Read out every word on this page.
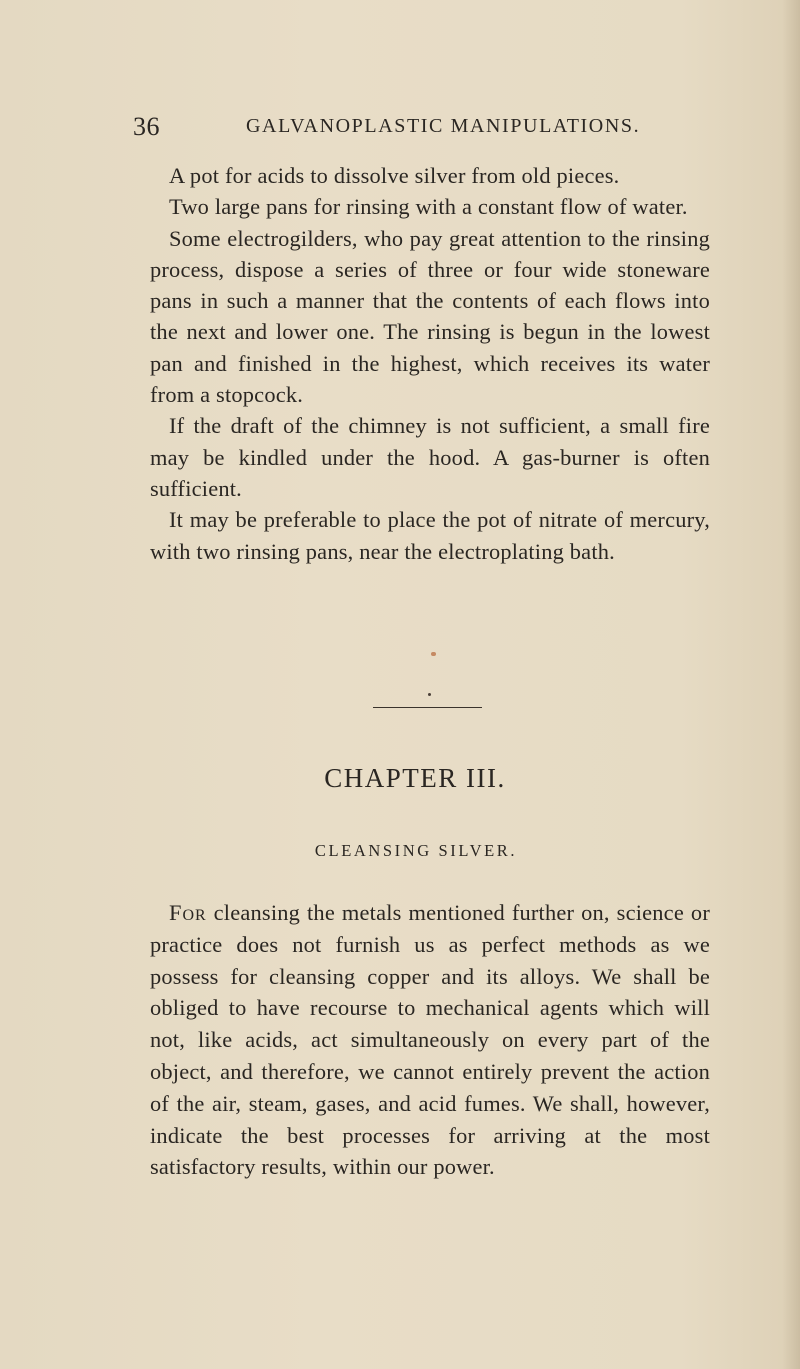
36	GALVANOPLASTIC MANIPULATIONS.

A pot for acids to dissolve silver from old pieces.

Two large pans for rinsing with a constant flow of water.

Some electrogilders, who pay great attention to the rinsing process, dispose a series of three or four wide stoneware pans in such a manner that the contents of each flows into the next and lower one. The rinsing is begun in the lowest pan and finished in the highest, which receives its water from a stopcock.

If the draft of the chimney is not sufficient, a small fire may be kindled under the hood. A gas-burner is often sufficient.

It may be preferable to place the pot of nitrate of mercury, with two rinsing pans, near the electroplating bath.

CHAPTER III.
CLEANSING SILVER.

For cleansing the metals mentioned further on, science or practice does not furnish us as perfect methods as we possess for cleansing copper and its alloys. We shall be obliged to have recourse to mechanical agents which will not, like acids, act simultaneously on every part of the object, and therefore, we cannot entirely prevent the action of the air, steam, gases, and acid fumes. We shall, however, indicate the best processes for arriving at the most satisfactory results, within our power.
